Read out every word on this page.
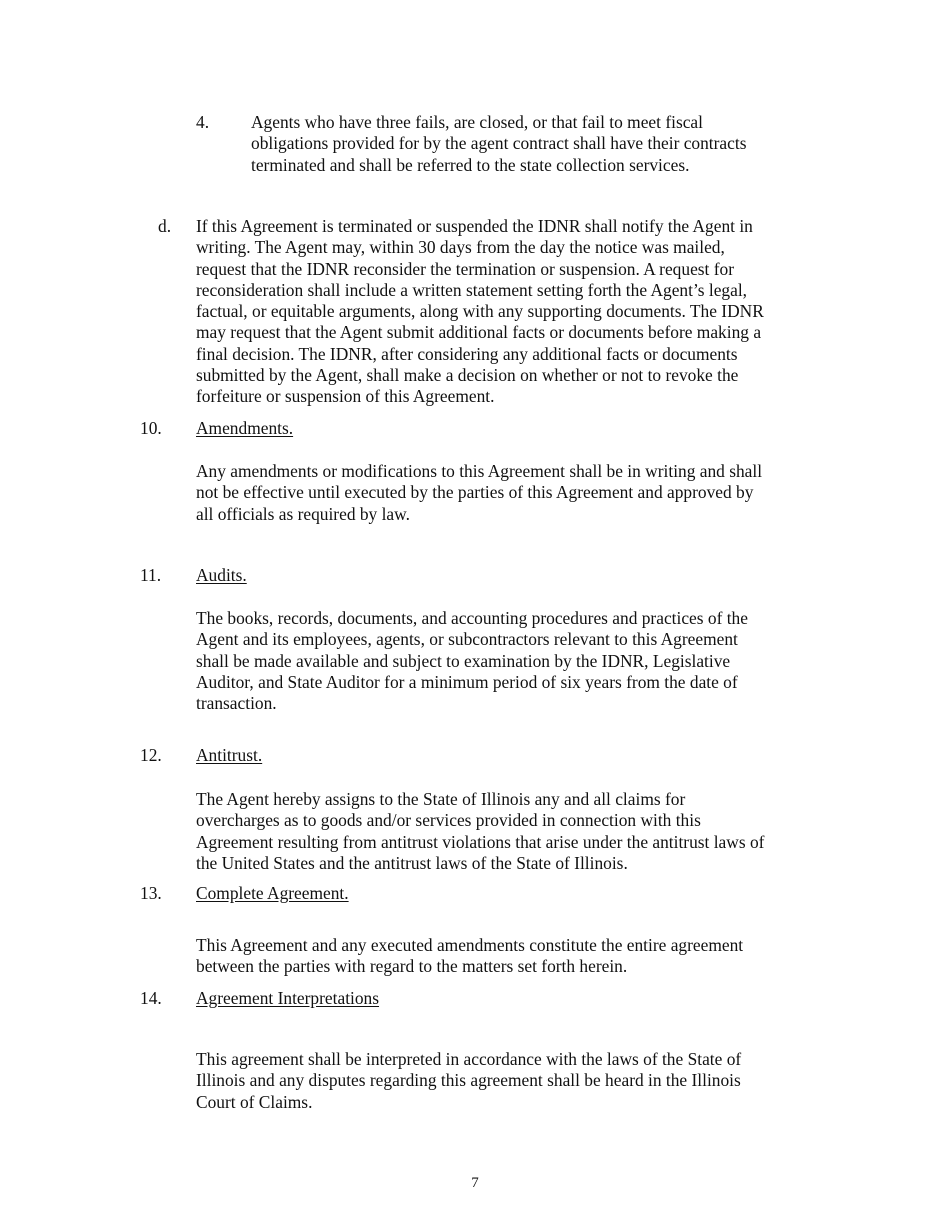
4. Agents who have three fails, are closed, or that fail to meet fiscal
obligations provided for by the agent contract shall have their contracts
terminated and shall be referred to the state collection services.

d. If this Agreement is terminated or suspended the IDNR shall notify the Agent in
writing. The Agent may, within 30 days from the day the notice was mailed,
request that the IDNR reconsider the termination or suspension. A request for
reconsideration shall include a written statement setting forth the Agent’s legal,
factual, or equitable arguments, along with any supporting documents. The IDNR
may request that the Agent submit additional facts or documents before making a
final decision. The IDNR, after considering any additional facts or documents
submitted by the Agent, shall make a decision on whether or not to revoke the
forfeiture or suspension of this Agreement.

10. Amendments.

Any amendments or modifications to this Agreement shall be in writing and shall
not be effective until executed by the parties of this Agreement and approved by
all officials as required by law.

11. Audits.

The books, records, documents, and accounting procedures and practices of the
Agent and its employees, agents, or subcontractors relevant to this Agreement
shall be made available and subject to examination by the IDNR, Legislative
Auditor, and State Auditor for a minimum period of six years from the date of
transaction.

12. Antitrust.

The Agent hereby assigns to the State of Illinois any and all claims for
overcharges as to goods and/or services provided in connection with this
Agreement resulting from antitrust violations that arise under the antitrust laws of
the United States and the antitrust laws of the State of Illinois.

13. Complete Agreement.

This Agreement and any executed amendments constitute the entire agreement
between the parties with regard to the matters set forth herein.

14. Agreement Interpretations

This agreement shall be interpreted in accordance with the laws of the State of
Illinois and any disputes regarding this agreement shall be heard in the Illinois
Court of Claims.

7
